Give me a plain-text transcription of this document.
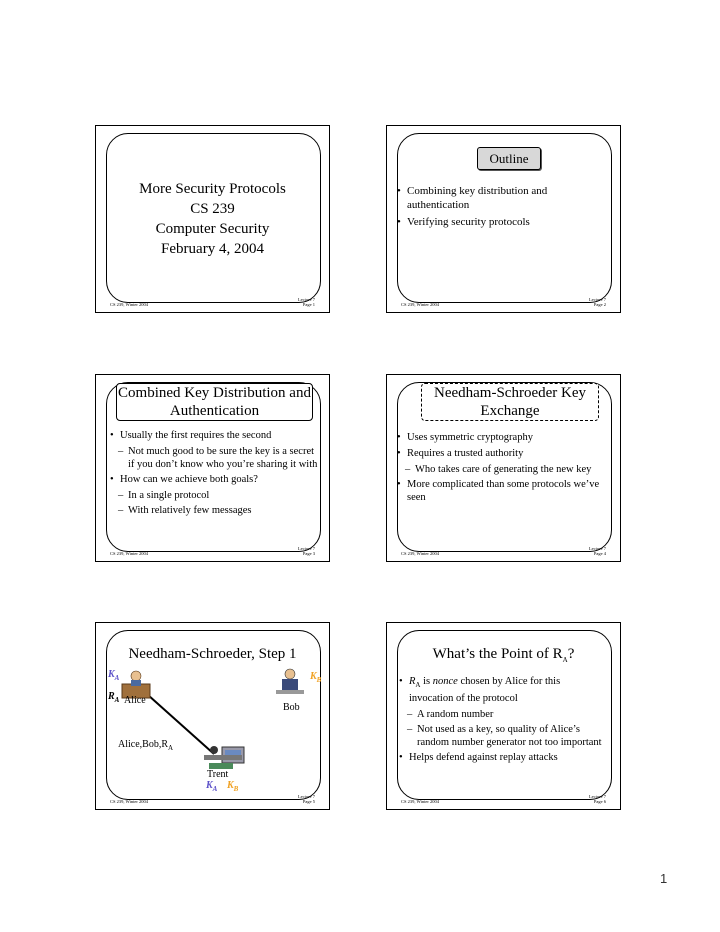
More Security Protocols
CS 239
Computer Security
February 4, 2004
CS 239, Winter 2004
Lecture 7
Page 1
Outline
• Combining key distribution and authentication
• Verifying security protocols
CS 239, Winter 2004
Lecture 7
Page 2
Combined Key Distribution and
Authentication
• Usually the first requires the second
– Not much good to be sure the key is a secret if you don’t know who you’re sharing it with
• How can we achieve both goals?
– In a single protocol
– With relatively few messages
CS 239, Winter 2004
Lecture 7
Page 3
Needham-Schroeder Key
Exchange
• Uses symmetric cryptography
• Requires a trusted authority
– Who takes care of generating the new key
• More complicated than some protocols we’ve seen
CS 239, Winter 2004
Lecture 7
Page 4
Needham-Schroeder, Step 1
$K_A$	$K_B$
$R_A$ Alice
Bob
$Alice,Bob,R_A$
Trent
$K_A$ $K_B$
CS 239, Winter 2004
Lecture 7
Page 5
What’s the Point of $R_A$?
• $R_A$ is nonce chosen by Alice for this invocation of the protocol
– A random number
– Not used as a key, so quality of Alice’s random number generator not too important
• Helps defend against replay attacks
CS 239, Winter 2004
Lecture 7
Page 6
1
